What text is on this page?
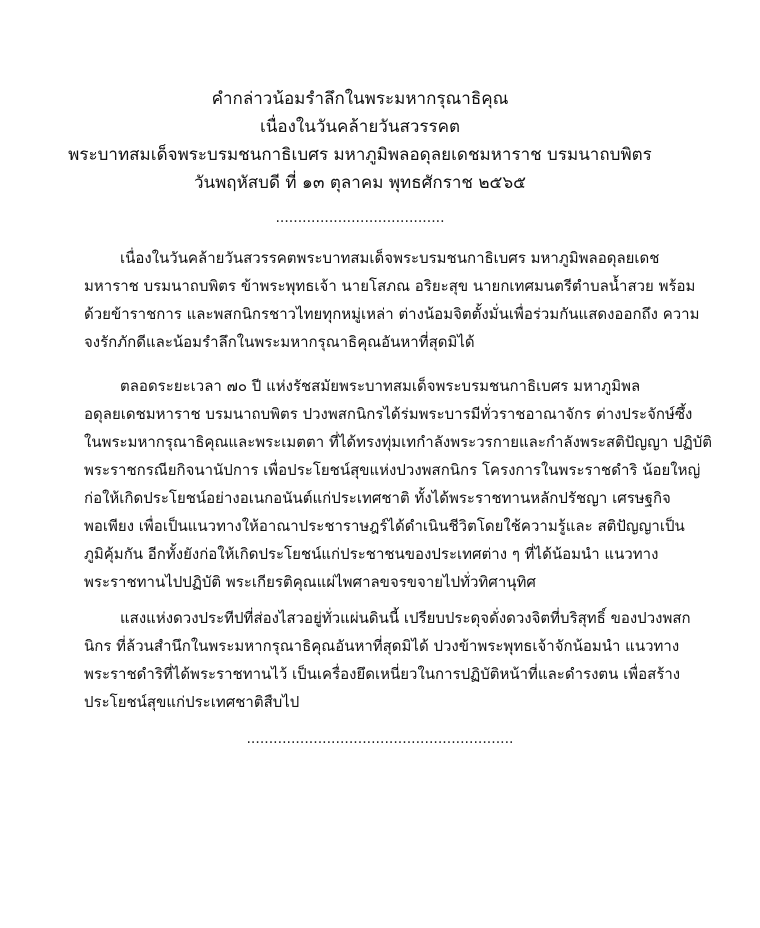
คำกล่าวน้อมรำลึกในพระมหากรุณาธิคุณ
เนื่องในวันคล้ายวันสวรรคต
พระบาทสมเด็จพระบรมชนกาธิเบศร มหาภูมิพลอดุลยเดชมหาราช บรมนาถบพิตร
วันพฤหัสบดี ที่ ๑๓ ตุลาคม พุทธศักราช ๒๕๖๕
......................................
เนื่องในวันคล้ายวันสวรรคตพระบาทสมเด็จพระบรมชนกาธิเบศร มหาภูมิพลอดุลยเดช
มหาราช บรมนาถบพิตร ข้าพระพุทธเจ้า นายโสภณ อริยะสุข นายกเทศมนตรีตำบลน้ำสวย พร้อม
ด้วยข้าราชการ และพสกนิกรชาวไทยทุกหมู่เหล่า ต่างน้อมจิตตั้งมั่นเพื่อร่วมกันแสดงออกถึง ความ
จงรักภักดีและน้อมรำลึกในพระมหากรุณาธิคุณอันหาที่สุดมิได้
ตลอดระยะเวลา ๗๐ ปี แห่งรัชสมัยพระบาทสมเด็จพระบรมชนกาธิเบศร มหาภูมิพล
อดุลยเดชมหาราช บรมนาถบพิตร ปวงพสกนิกรได้ร่มพระบารมีทั่วราชอาณาจักร ต่างประจักษ์ซึ้ง
ในพระมหากรุณาธิคุณและพระเมตตา ที่ได้ทรงทุ่มเทกำลังพระวรกายและกำลังพระสติปัญญา ปฏิบัติ
พระราชกรณียกิจนานัปการ เพื่อประโยชน์สุขแห่งปวงพสกนิกร โครงการในพระราชดำริ น้อยใหญ่
ก่อให้เกิดประโยชน์อย่างอเนกอนันต์แก่ประเทศชาติ ทั้งได้พระราชทานหลักปรัชญา เศรษฐกิจ
พอเพียง เพื่อเป็นแนวทางให้อาณาประชาราษฎร์ได้ดำเนินชีวิตโดยใช้ความรู้และ สติปัญญาเป็น
ภูมิคุ้มกัน อีกทั้งยังก่อให้เกิดประโยชน์แก่ประชาชนของประเทศต่าง ๆ ที่ได้น้อมนำ แนวทาง
พระราชทานไปปฏิบัติ พระเกียรติคุณแผ่ไพศาลขจรขจายไปทั่วทิศานุทิศ
แสงแห่งดวงประทีปที่ส่องไสวอยู่ทั่วแผ่นดินนี้ เปรียบประดุจดั่งดวงจิตที่บริสุทธิ์ ของปวงพสก
นิกร ที่ล้วนสำนึกในพระมหากรุณาธิคุณอันหาที่สุดมิได้ ปวงข้าพระพุทธเจ้าจักน้อมนำ แนวทาง
พระราชดำริที่ได้พระราชทานไว้ เป็นเครื่องยึดเหนี่ยวในการปฏิบัติหน้าที่และดำรงตน เพื่อสร้าง
ประโยชน์สุขแก่ประเทศชาติสืบไป
............................................................
